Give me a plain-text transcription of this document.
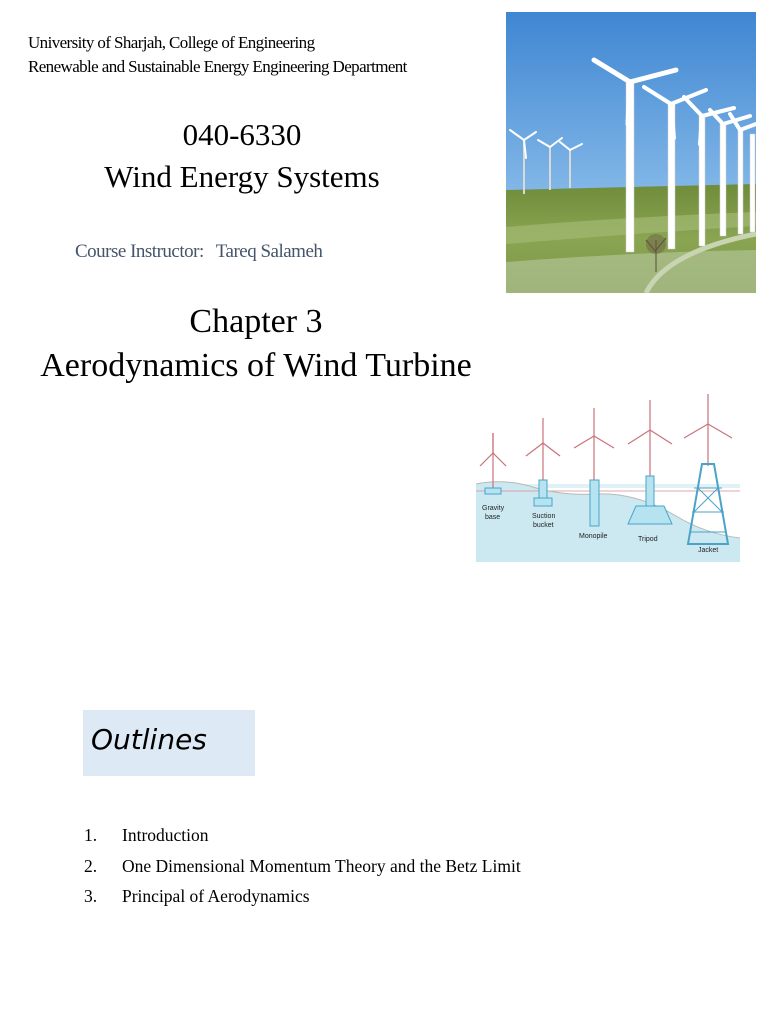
University of Sharjah, College of Engineering
Renewable and Sustainable Energy Engineering Department
040-6330
Wind Energy Systems
Course Instructor: Tareq Salameh
Chapter 3
Aerodynamics of Wind Turbine
Gravity
base	Suction
bucket
Monopile	Tripod
Jacket
Outlines
1.	Introduction
2.	One Dimensional Momentum Theory and the Betz Limit
3.	Principal of Aerodynamics
